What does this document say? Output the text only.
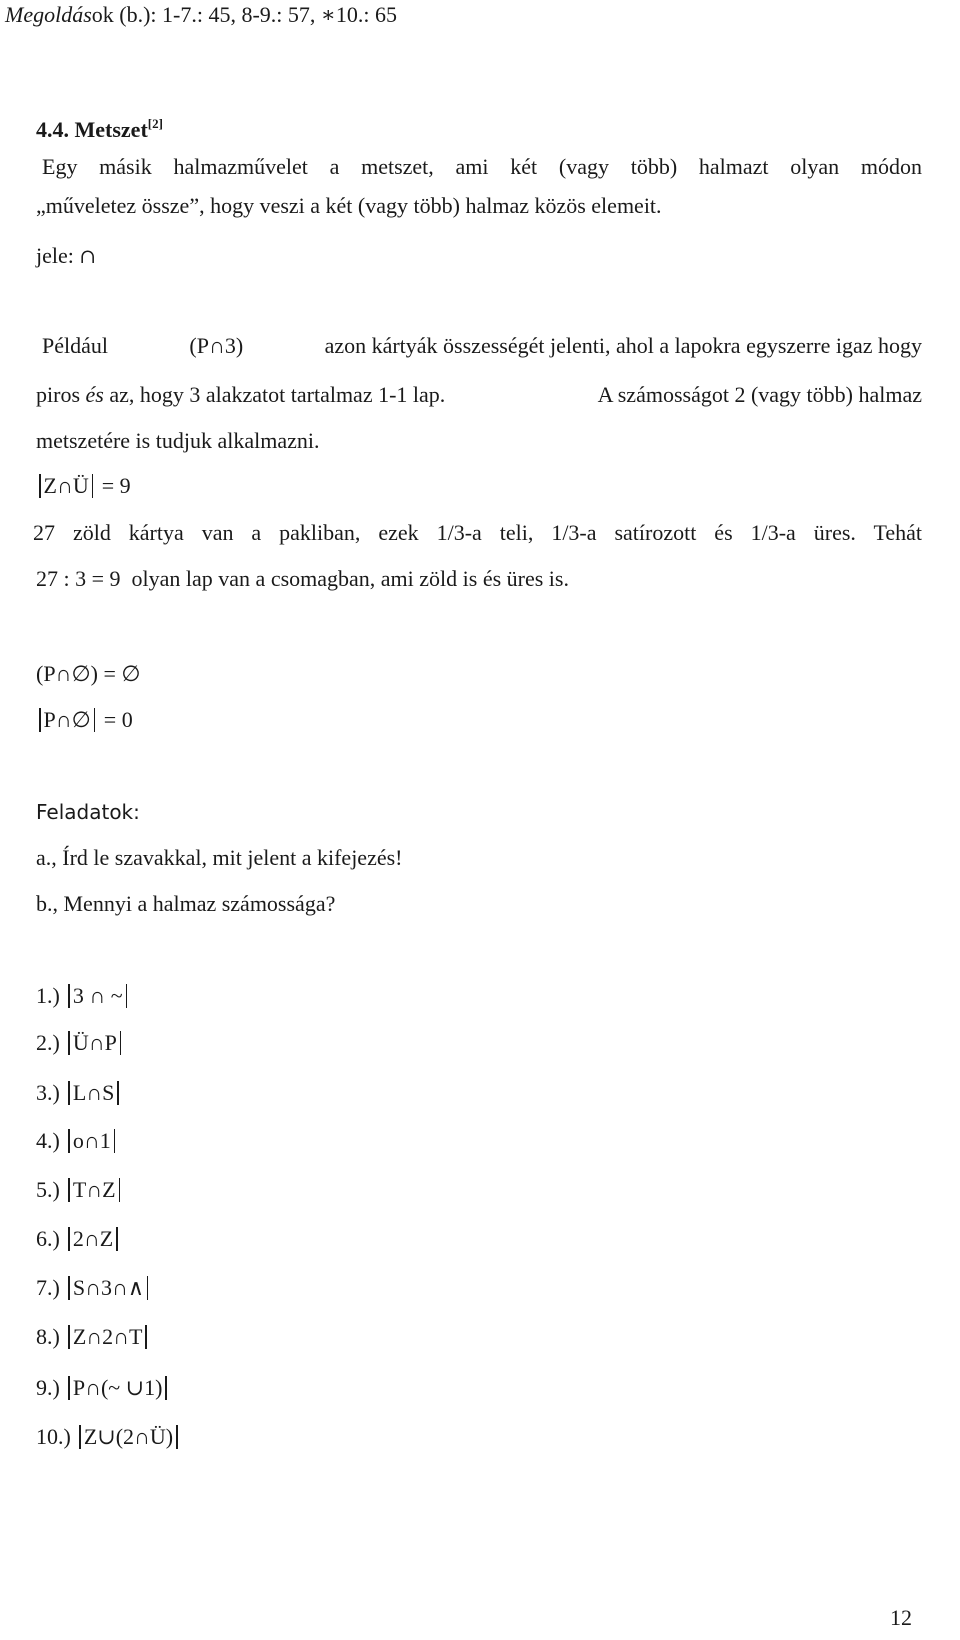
Megoldások (b.): 1-7.: 45, 8-9.: 57, ∗10.: 65
4.4. Metszet[2]
Egy másik halmazművelet a metszet, ami két (vagy több) halmazt olyan módon
„műveletez össze”, hogy veszi a két (vagy több) halmaz közös elemeit.
jele: ∩
Például	(P∩3)	azon kártyák összességét jelenti, ahol a lapokra egyszerre igaz hogy
piros és az, hogy 3 alakzatot tartalmaz 1-1 lap.	A számosságot 2 (vagy több) halmaz
metszetére is tudjuk alkalmazni.
Z∩Ü = 9
27 zöld kártya van a pakliban, ezek 1/3-a teli, 1/3-a satírozott és 1/3-a üres. Tehát
27 : 3 = 9 olyan lap van a csomagban, ami zöld is és üres is.
(P∩∅) = ∅
P∩∅ = 0
Feladatok:
a., Írd le szavakkal, mit jelent a kifejezés!
b., Mennyi a halmaz számossága?
1.) 3 ∩ ~
2.) Ü∩P
3.) L∩S
4.) o∩1
5.) T∩Z
6.) 2∩Z
7.) S∩3∩∧
8.) Z∩2∩T
9.) P∩(~ ∪1)
10.) Z∪(2∩Ü)
12
